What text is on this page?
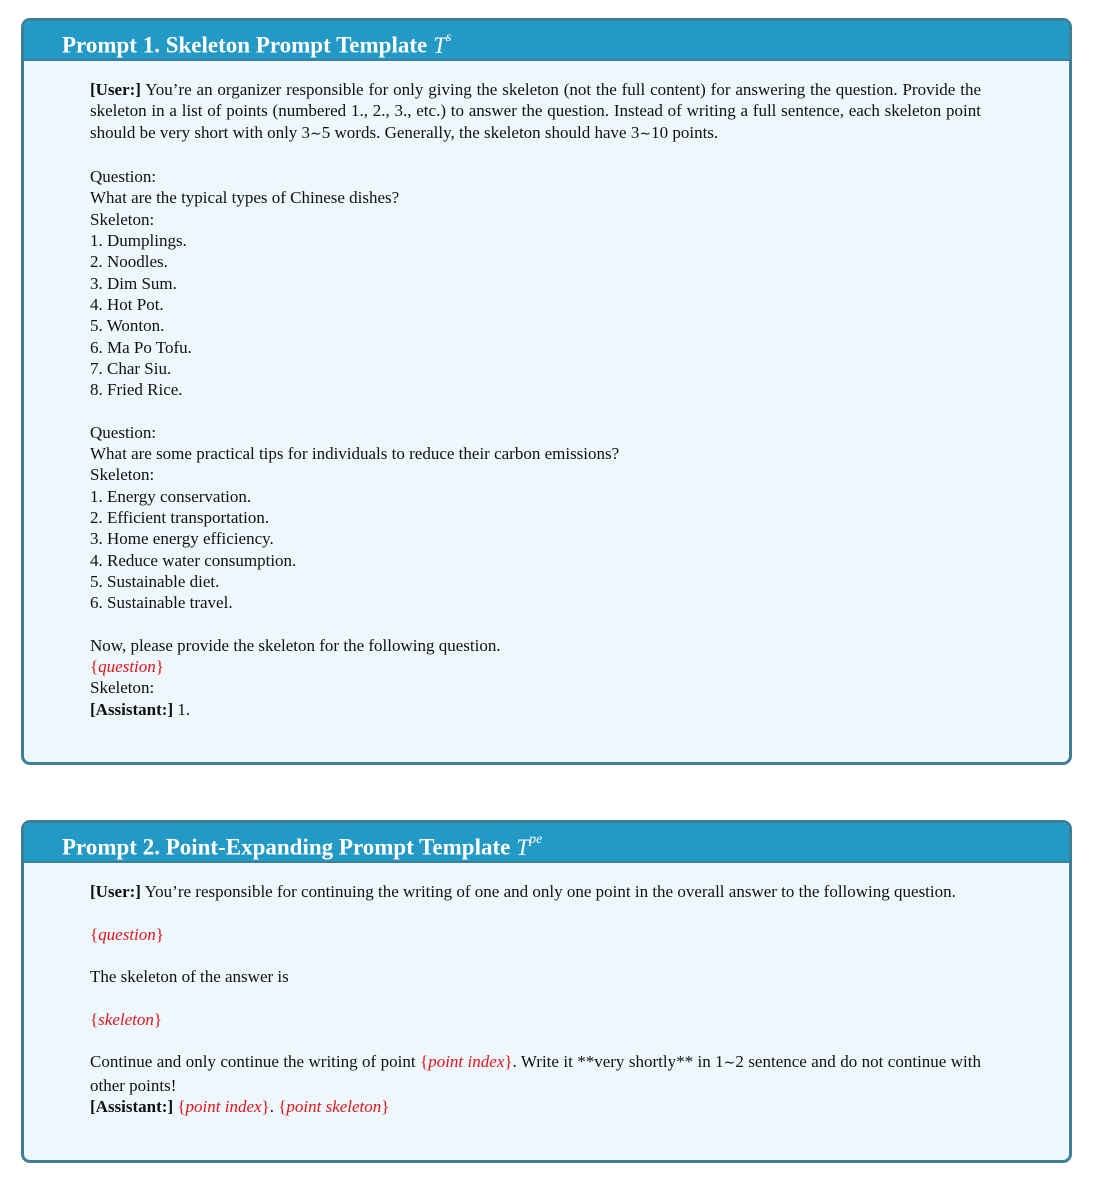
Prompt 1. Skeleton Prompt Template $T^s$

[User:] You’re an organizer responsible for only giving the skeleton (not the full content) for answering the question. Provide the skeleton in a list of points (numbered 1., 2., 3., etc.) to answer the question. Instead of writing a full sentence, each skeleton point should be very short with only 3∼5 words. Generally, the skeleton should have 3∼10 points.

Question:

What are the typical types of Chinese dishes?

Skeleton:

1. Dumplings.

2. Noodles.

3. Dim Sum.

4. Hot Pot.

5. Wonton.

6. Ma Po Tofu.

7. Char Siu.

8. Fried Rice.

Question:

What are some practical tips for individuals to reduce their carbon emissions?

Skeleton:

1. Energy conservation.

2. Efficient transportation.

3. Home energy efficiency.

4. Reduce water consumption.

5. Sustainable diet.

6. Sustainable travel.

Now, please provide the skeleton for the following question.

{question}

Skeleton:

[Assistant:] 1.

Prompt 2. Point-Expanding Prompt Template $T^{pe}$

[User:] You’re responsible for continuing the writing of one and only one point in the overall answer to the following question.

{question}

The skeleton of the answer is

{skeleton}

Continue and only continue the writing of point {point index}. Write it **very shortly** in 1∼2 sentence and do not continue with other points!

[Assistant:] {point index}. {point skeleton}
